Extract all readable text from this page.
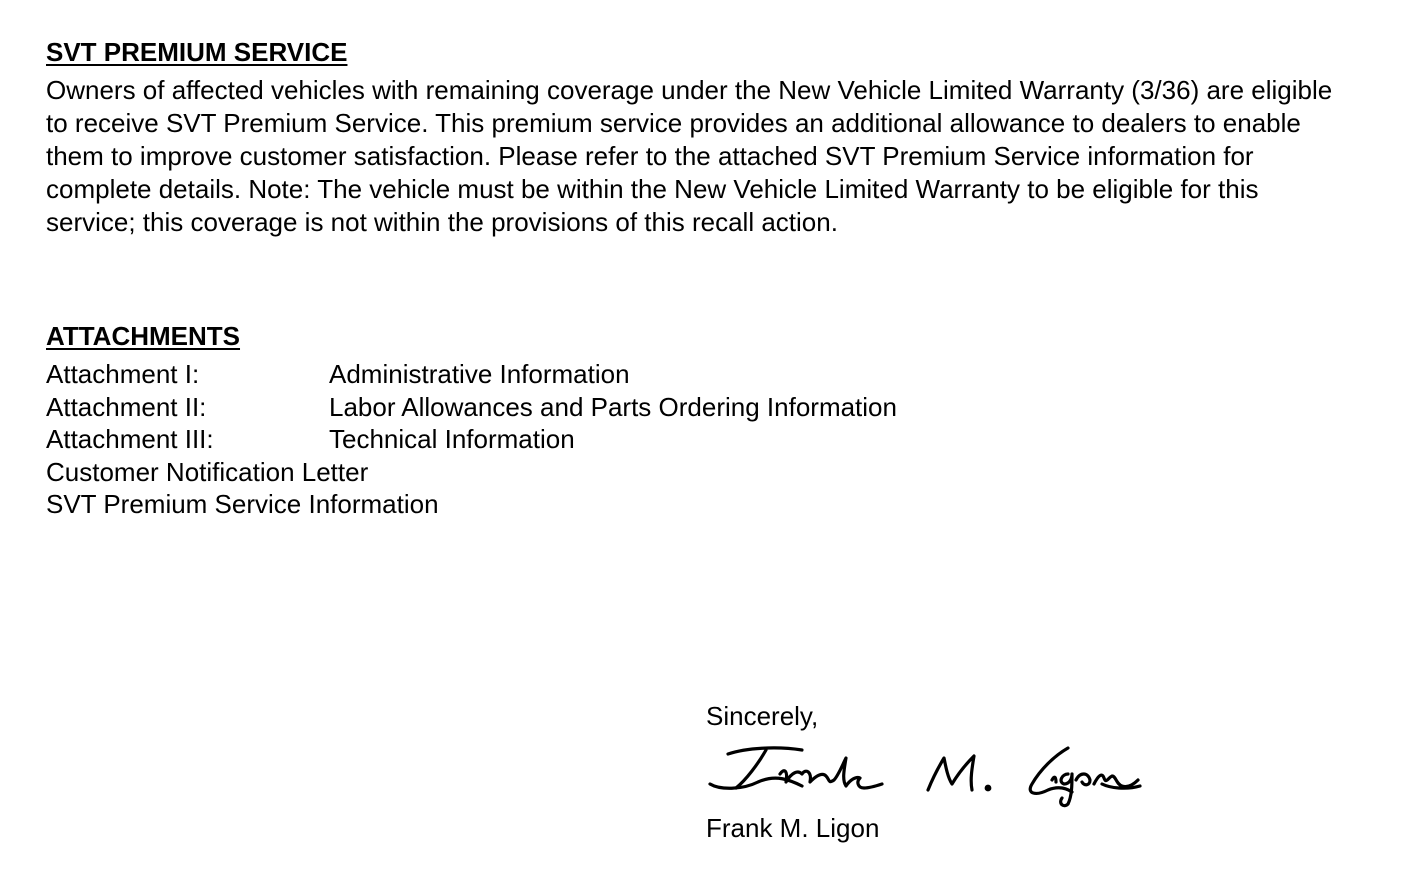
SVT PREMIUM SERVICE

Owners of affected vehicles with remaining coverage under the New Vehicle Limited Warranty (3/36) are eligible to receive SVT Premium Service. This premium service provides an additional allowance to dealers to enable them to improve customer satisfaction. Please refer to the attached SVT Premium Service information for complete details. Note: The vehicle must be within the New Vehicle Limited Warranty to be eligible for this service; this coverage is not within the provisions of this recall action.

ATTACHMENTS
Attachment I:	Administrative Information
Attachment II:	Labor Allowances and Parts Ordering Information
Attachment III:	Technical Information
Customer Notification Letter
SVT Premium Service Information
Sincerely,
Frank M. Ligon
